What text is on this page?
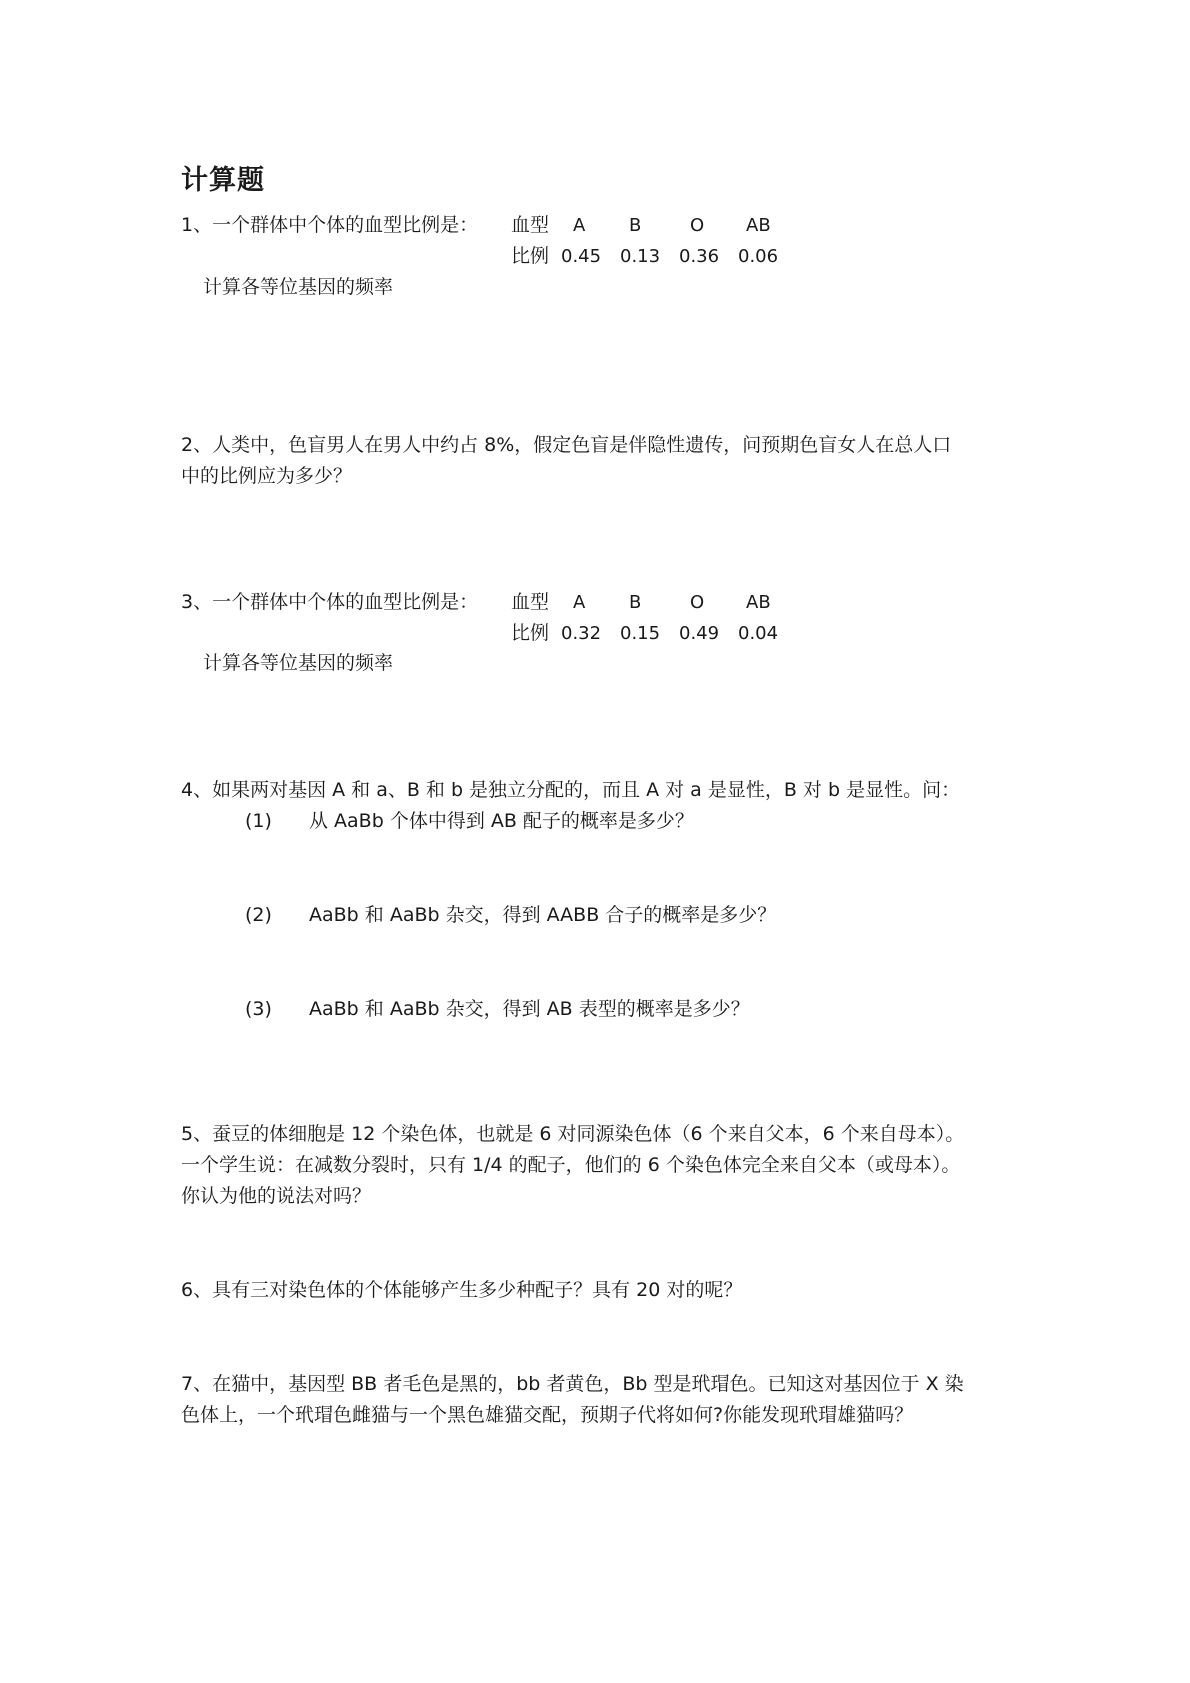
计算题
1、一个群体中个体的血型比例是： 血型 A B	O AB
比例 0.45 0.13 0.36 0.06
计算各等位基因的频率
2、人类中，色盲男人在男人中约占 8%，假定色盲是伴隐性遗传，问预期色盲女人在总人口
中的比例应为多少？
3、一个群体中个体的血型比例是： 血型 A B	O AB
比例 0.32 0.15 0.49 0.04
计算各等位基因的频率
4、如果两对基因 A 和 a、B 和 b 是独立分配的，而且 A 对 a 是显性，B 对 b 是显性。问：
(1) 从 AaBb 个体中得到 AB 配子的概率是多少？
(2) AaBb 和 AaBb 杂交，得到 AABB 合子的概率是多少？
(3) AaBb 和 AaBb 杂交，得到 AB 表型的概率是多少？
5、蚕豆的体细胞是 12 个染色体，也就是 6 对同源染色体（6 个来自父本，6 个来自母本）。
一个学生说：在减数分裂时，只有 1/4 的配子，他们的 6 个染色体完全来自父本（或母本）。
你认为他的说法对吗？
6、具有三对染色体的个体能够产生多少种配子？具有 20 对的呢？
7、在猫中，基因型 BB 者毛色是黑的，bb 者黄色，Bb 型是玳瑁色。已知这对基因位于 X 染
色体上，一个玳瑁色雌猫与一个黑色雄猫交配，预期子代将如何?你能发现玳瑁雄猫吗？
